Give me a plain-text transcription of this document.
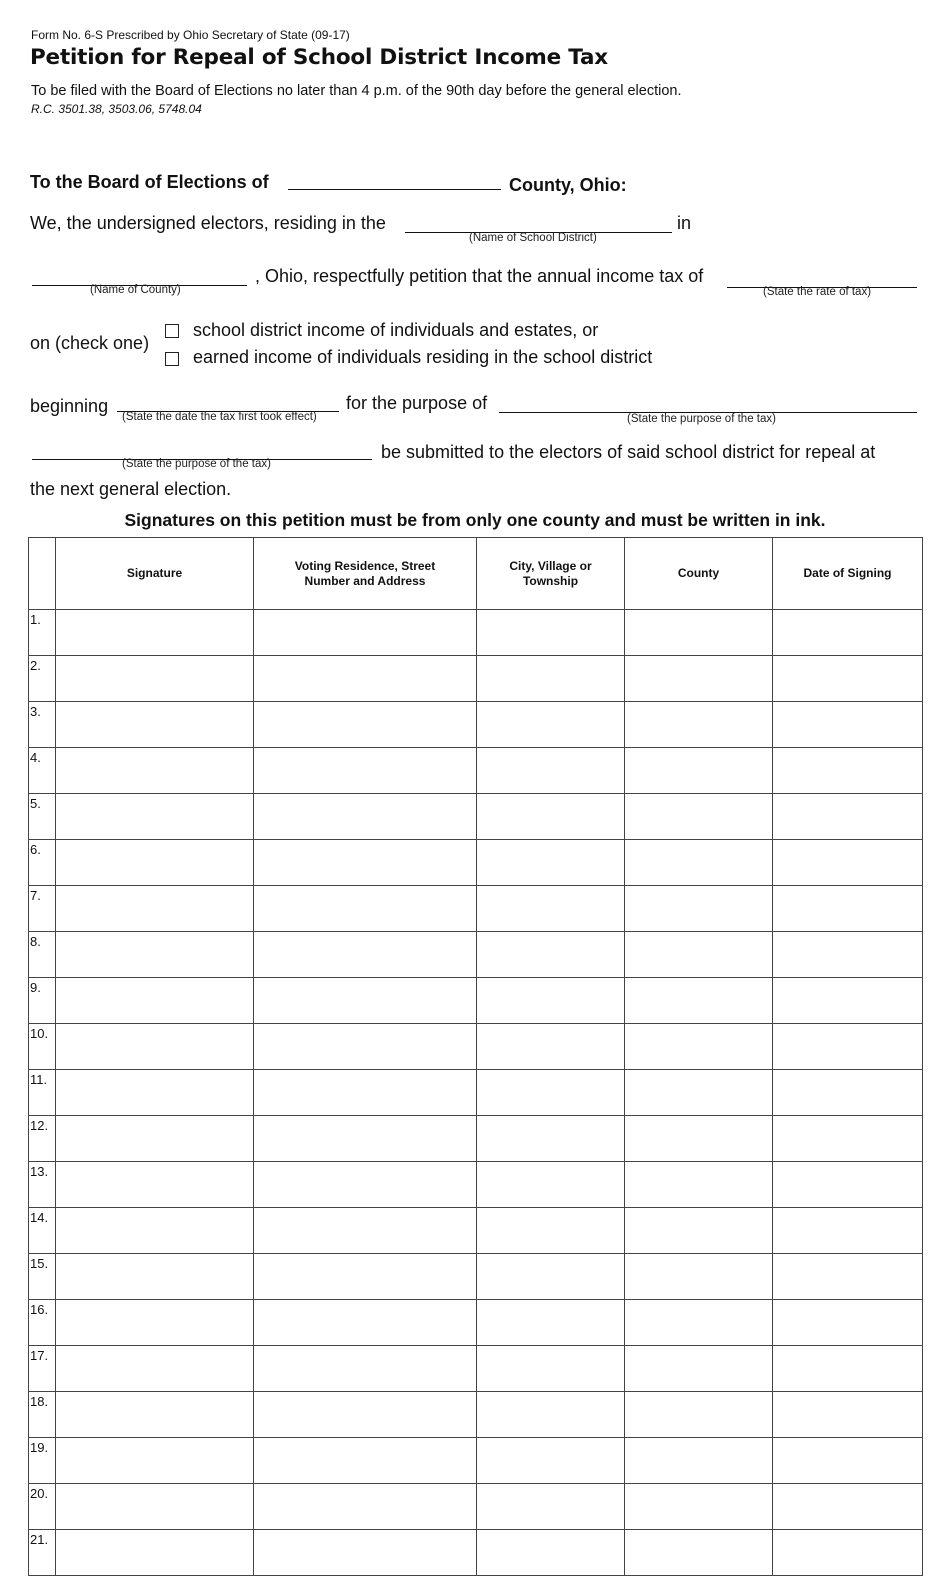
Form No. 6-S Prescribed by Ohio Secretary of State (09-17)
Petition for Repeal of School District Income Tax
To be filed with the Board of Elections no later than 4 p.m. of the 90th day before the general election.
R.C. 3501.38, 3503.06, 5748.04
To the Board of Elections of	County, Ohio:
We, the undersigned electors, residing in the
(Name of School District)
in
(Name of County)
, Ohio, respectfully petition that the annual income tax of
(State the rate of tax)
on (check one)
school district income of individuals and estates, or
earned income of individuals residing in the school district
beginning
(State the date the tax first took effect)
for the purpose of
(State the purpose of the tax)
(State the purpose of the tax)
be submitted to the electors of said school district for repeal at
the next general election.
Signatures on this petition must be from only one county and must be written in ink.
	Signature	Voting Residence, Street Number and Address	City, Village or Township	County	Date of Signing
1.					
2.					
3.					
4.					
5.					
6.					
7.					
8.					
9.					
10.					
11.					
12.					
13.					
14.					
15.					
16.					
17.					
18.					
19.					
20.					
21.					
